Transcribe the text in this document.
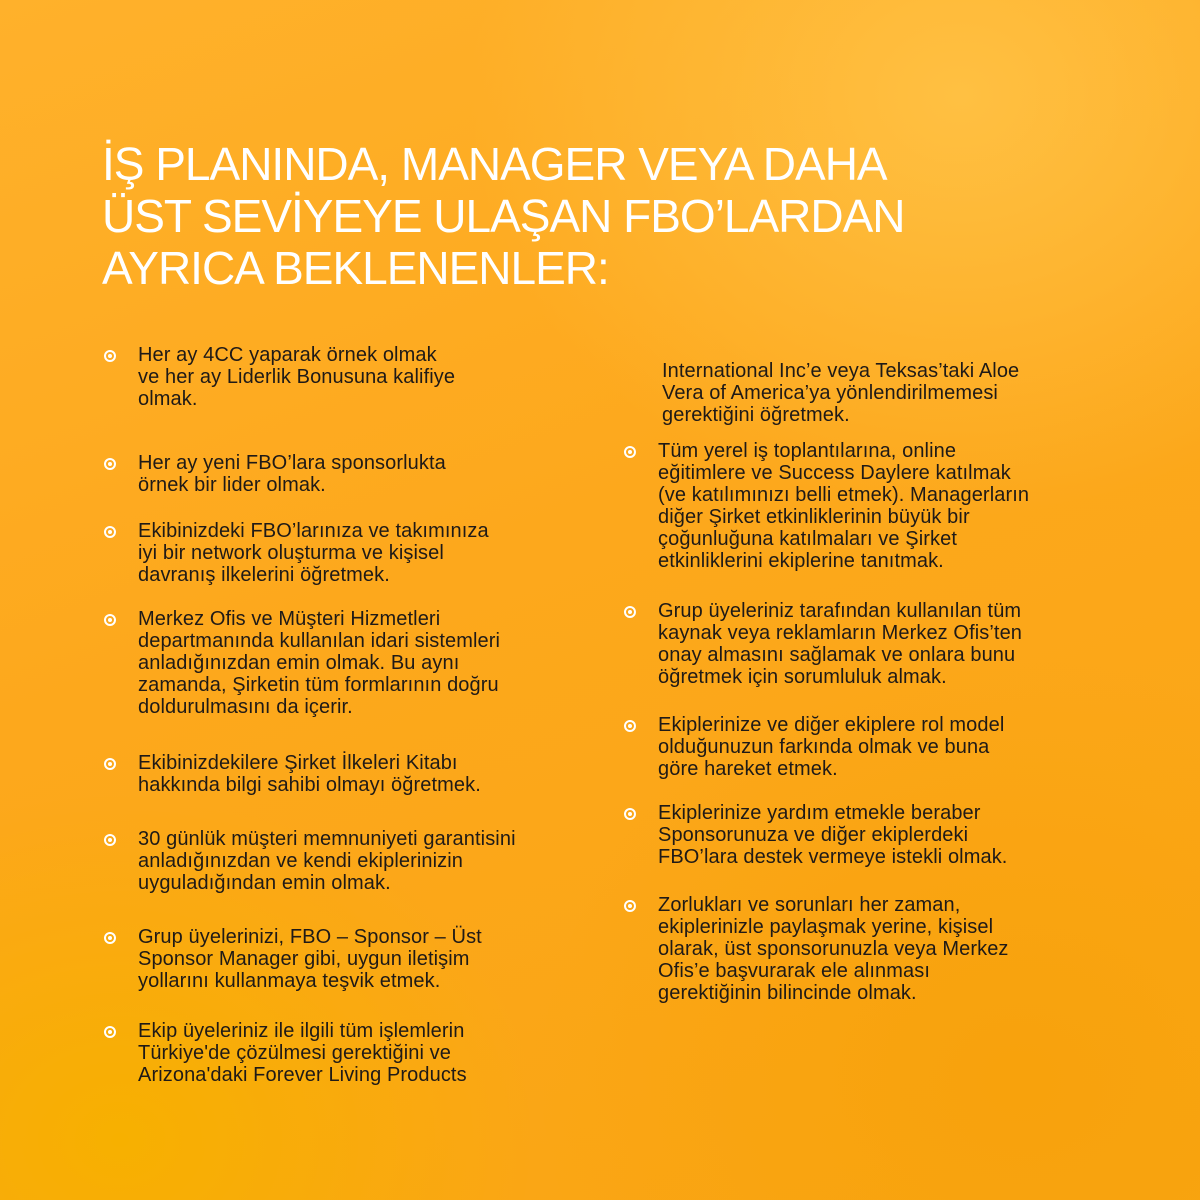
İŞ PLANINDA, MANAGER VEYA DAHA
ÜST SEVİYEYE ULAŞAN FBO’LARDAN
AYRICA BEKLENENLER:
Her ay 4CC yaparak örnek olmak
ve her ay Liderlik Bonusuna kalifiye
olmak.
Her ay yeni FBO’lara sponsorlukta
örnek bir lider olmak.
Ekibinizdeki FBO’larınıza ve takımınıza
iyi bir network oluşturma ve kişisel
davranış ilkelerini öğretmek.
Merkez Ofis ve Müşteri Hizmetleri
departmanında kullanılan idari sistemleri
anladığınızdan emin olmak. Bu aynı
zamanda, Şirketin tüm formlarının doğru
doldurulmasını da içerir.
Ekibinizdekilere Şirket İlkeleri Kitabı
hakkında bilgi sahibi olmayı öğretmek.
30 günlük müşteri memnuniyeti garantisini
anladığınızdan ve kendi ekiplerinizin
uyguladığından emin olmak.
Grup üyelerinizi, FBO – Sponsor – Üst
Sponsor Manager gibi, uygun iletişim
yollarını kullanmaya teşvik etmek.
Ekip üyeleriniz ile ilgili tüm işlemlerin
Türkiye'de çözülmesi gerektiğini ve
Arizona'daki Forever Living Products
International Inc’e veya Teksas’taki Aloe
Vera of America’ya yönlendirilmemesi
gerektiğini öğretmek.
Tüm yerel iş toplantılarına, online
eğitimlere ve Success Daylere katılmak
(ve katılımınızı belli etmek). Managerların
diğer Şirket etkinliklerinin büyük bir
çoğunluğuna katılmaları ve Şirket
etkinliklerini ekiplerine tanıtmak.
Grup üyeleriniz tarafından kullanılan tüm
kaynak veya reklamların Merkez Ofis’ten
onay almasını sağlamak ve onlara bunu
öğretmek için sorumluluk almak.
Ekiplerinize ve diğer ekiplere rol model
olduğunuzun farkında olmak ve buna
göre hareket etmek.
Ekiplerinize yardım etmekle beraber
Sponsorunuza ve diğer ekiplerdeki
FBO’lara destek vermeye istekli olmak.
Zorlukları ve sorunları her zaman,
ekiplerinizle paylaşmak yerine, kişisel
olarak, üst sponsorunuzla veya Merkez
Ofis’e başvurarak ele alınması
gerektiğinin bilincinde olmak.
